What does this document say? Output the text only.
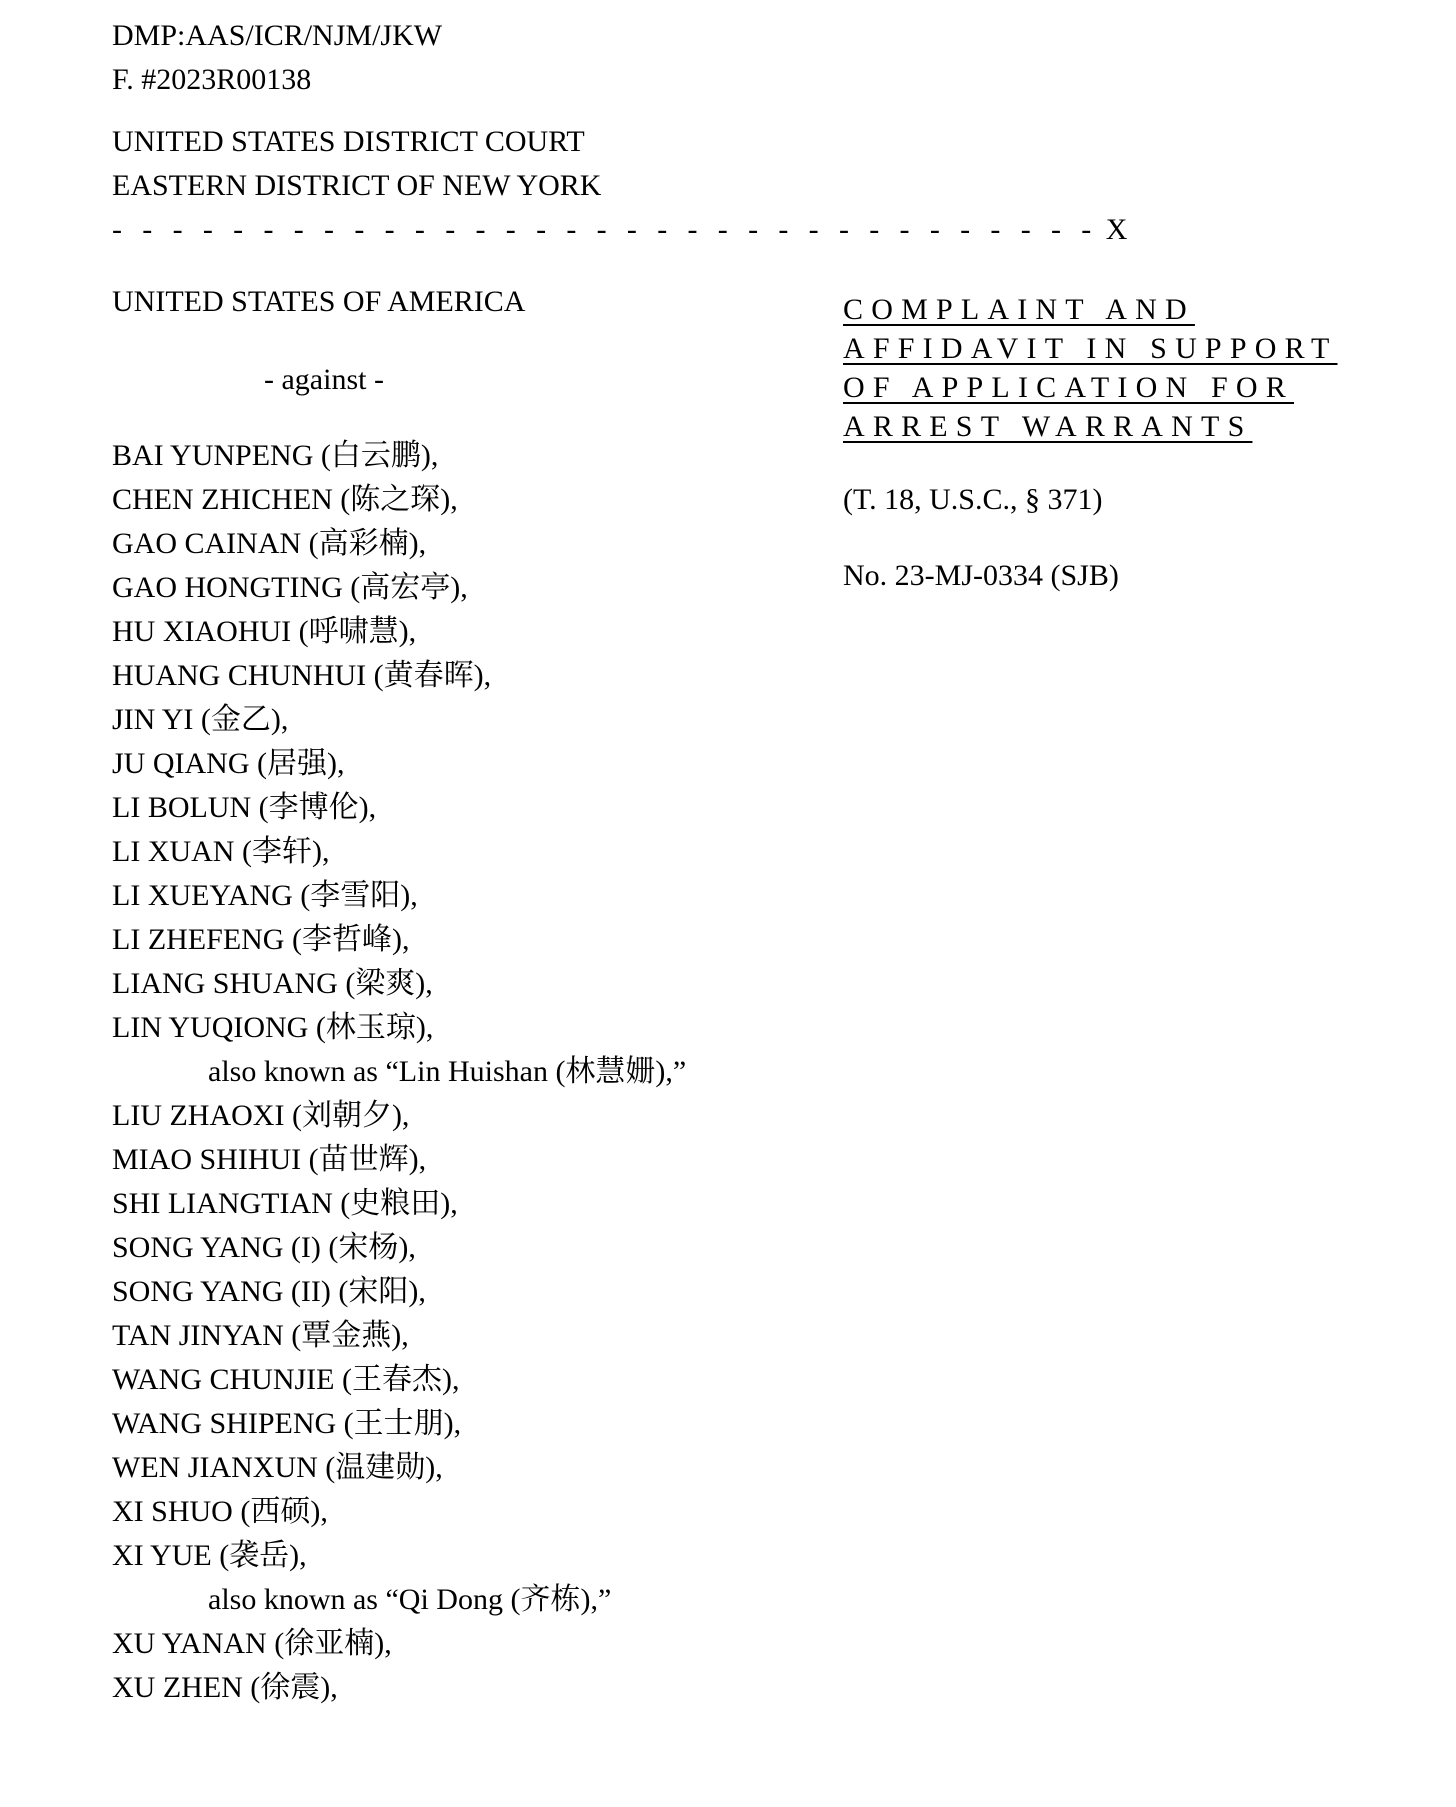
DMP:AAS/ICR/NJM/JKW
F. #2023R00138
UNITED STATES DISTRICT COURT
EASTERN DISTRICT OF NEW YORK
- - - - - - - - - - - - - - - - - - - - - - - - - - - - - - - - - X
UNITED STATES OF AMERICA
- against -
BAI YUNPENG (白云鹏),
CHEN ZHICHEN (陈之琛),
GAO CAINAN (高彩楠),
GAO HONGTING (高宏亭),
HU XIAOHUI (呼啸慧),
HUANG CHUNHUI (黄春晖),
JIN YI (金乙),
JU QIANG (居强),
LI BOLUN (李博伦),
LI XUAN (李轩),
LI XUEYANG (李雪阳),
LI ZHEFENG (李哲峰),
LIANG SHUANG (梁爽),
LIN YUQIONG (林玉琼),
also known as “Lin Huishan (林慧姗),”
LIU ZHAOXI (刘朝夕),
MIAO SHIHUI (苗世辉),
SHI LIANGTIAN (史粮田),
SONG YANG (I) (宋杨),
SONG YANG (II) (宋阳),
TAN JINYAN (覃金燕),
WANG CHUNJIE (王春杰),
WANG SHIPENG (王士朋),
WEN JIANXUN (温建勋),
XI SHUO (西硕),
XI YUE (袭岳),
also known as “Qi Dong (齐栋),”
XU YANAN (徐亚楠),
XU ZHEN (徐震),
COMPLAINT AND
AFFIDAVIT IN SUPPORT
OF APPLICATION FOR
ARREST WARRANTS
(T. 18, U.S.C., § 371)
No. 23-MJ-0334 (SJB)
